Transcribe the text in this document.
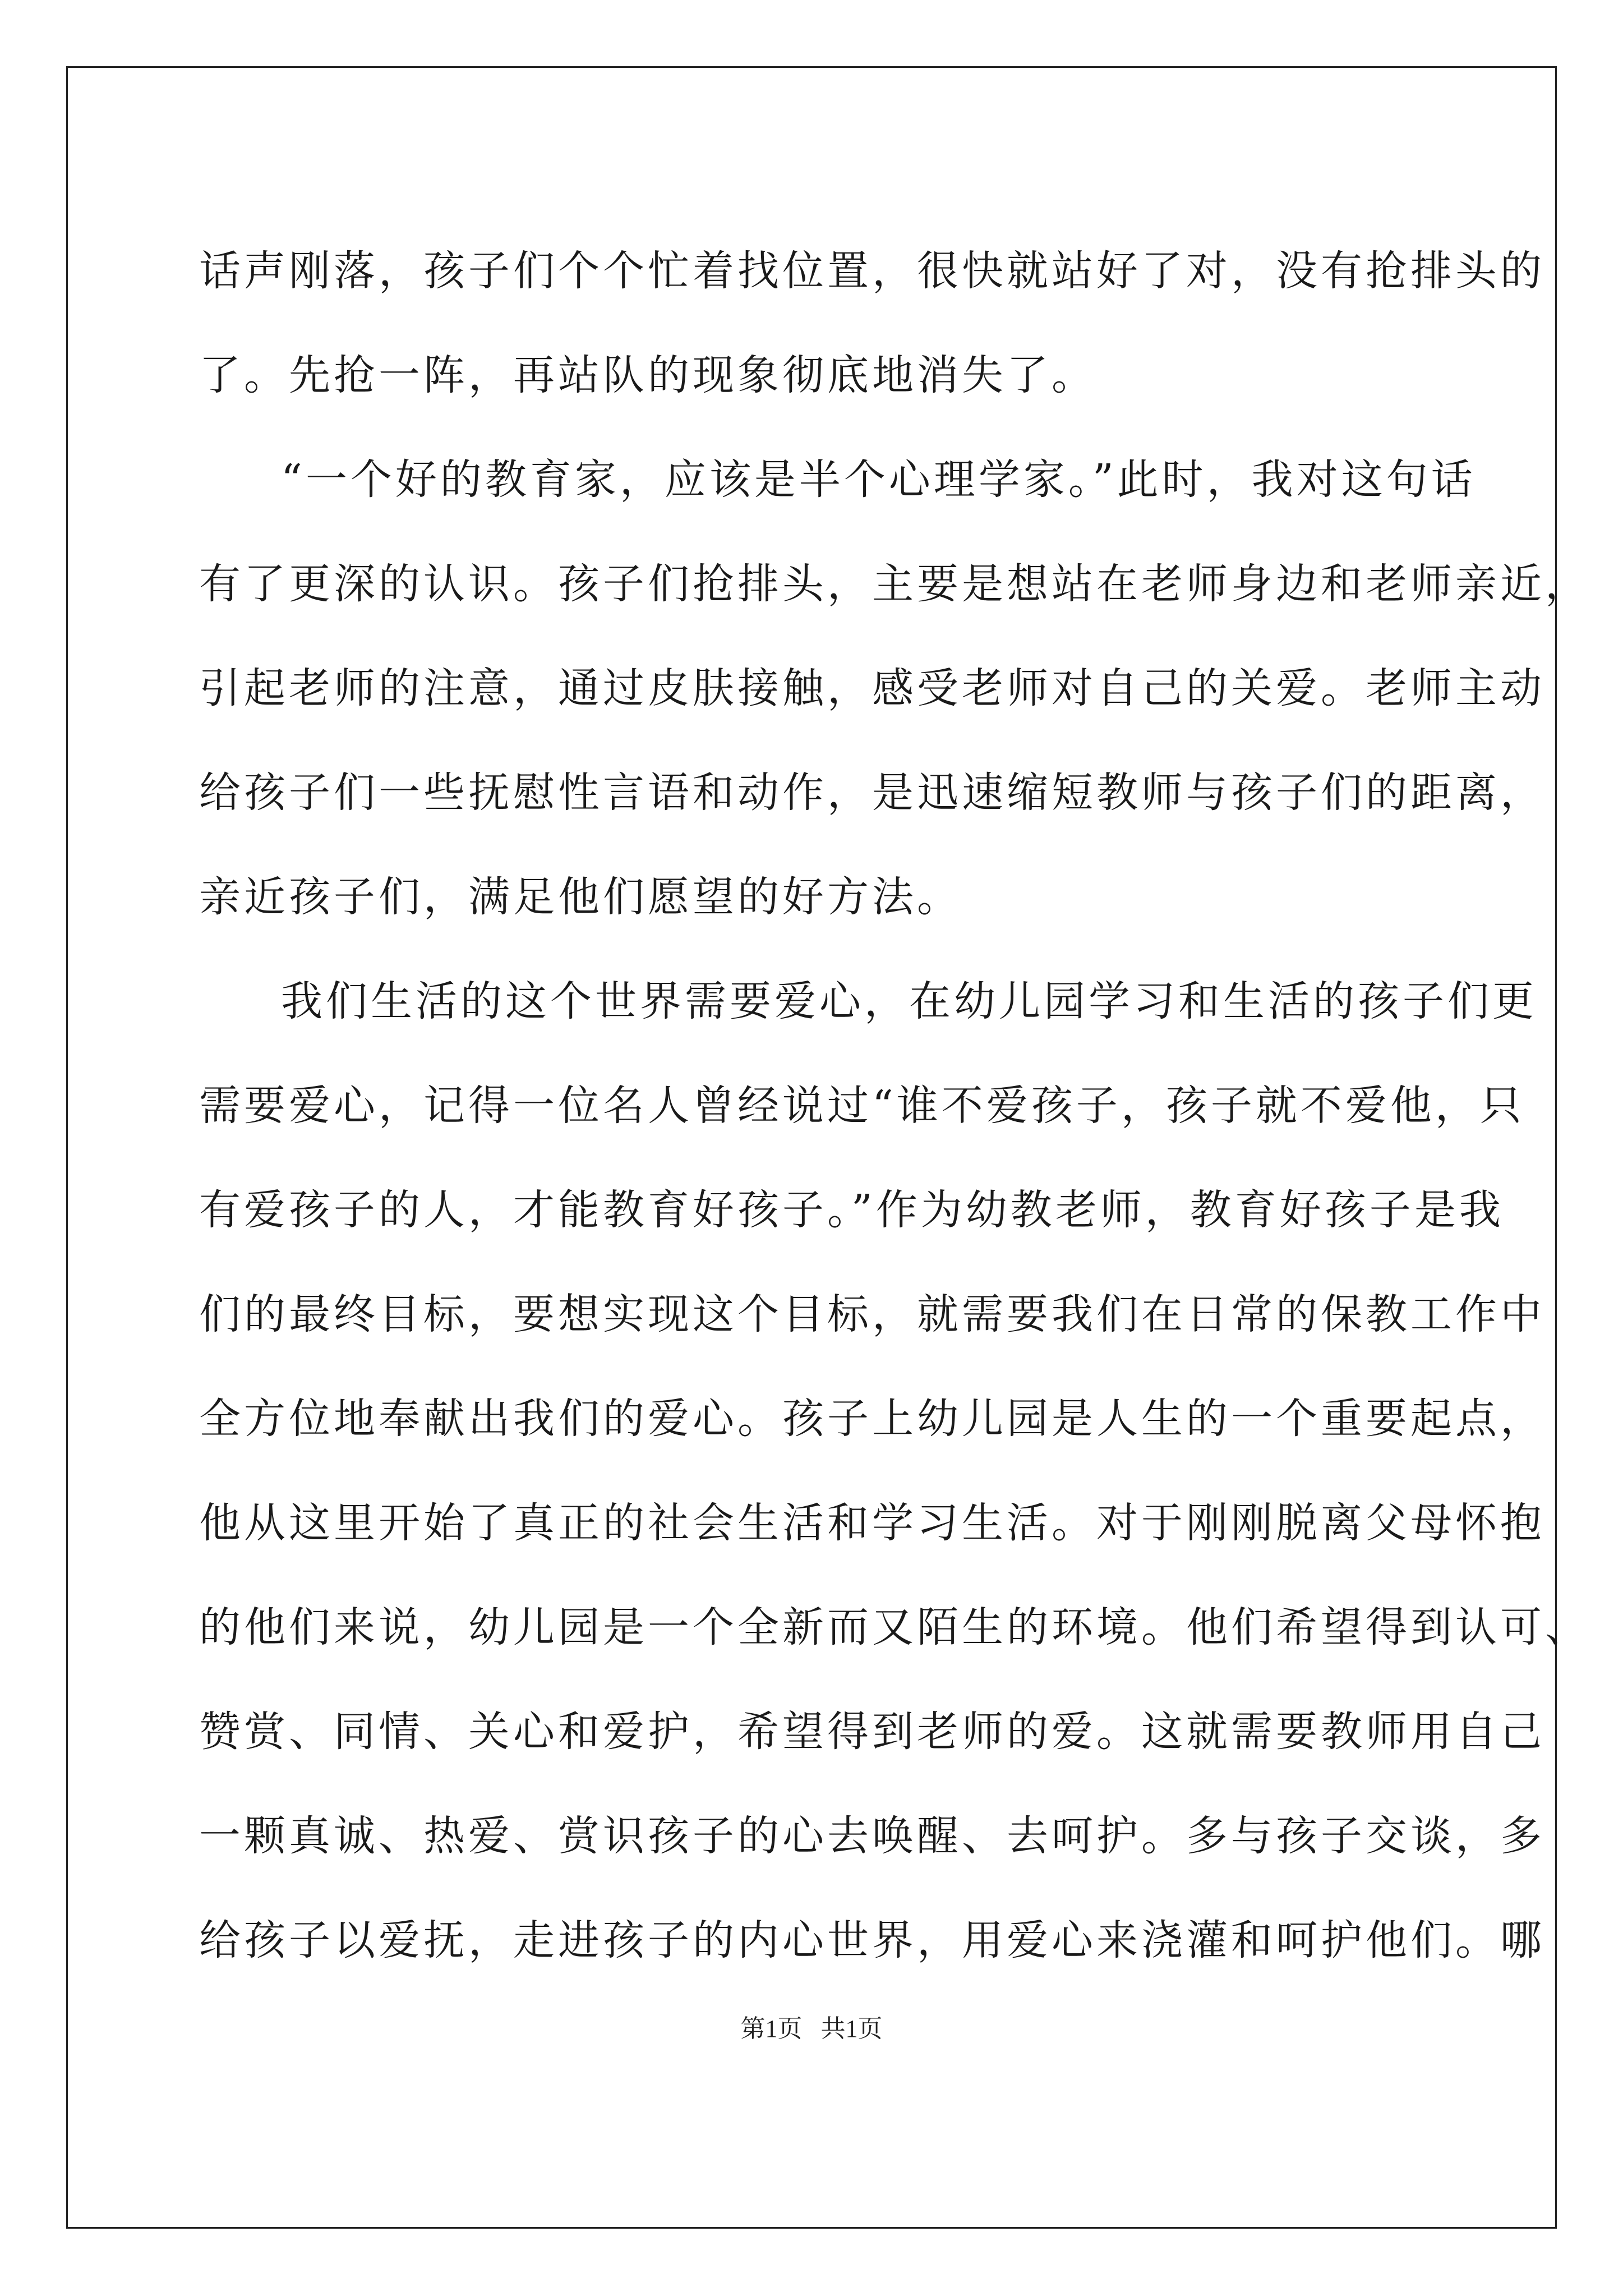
话声刚落，孩子们个个忙着找位置，很快就站好了对，没有抢排头的
了。先抢一阵，再站队的现象彻底地消失了。
“一个好的教育家，应该是半个心理学家。”此时，我对这句话
有了更深的认识。孩子们抢排头，主要是想站在老师身边和老师亲近，
引起老师的注意，通过皮肤接触，感受老师对自己的关爱。老师主动
给孩子们一些抚慰性言语和动作，是迅速缩短教师与孩子们的距离，
亲近孩子们，满足他们愿望的好方法。
我们生活的这个世界需要爱心，在幼儿园学习和生活的孩子们更
需要爱心，记得一位名人曾经说过“谁不爱孩子，孩子就不爱他，只
有爱孩子的人，才能教育好孩子。”作为幼教老师，教育好孩子是我
们的最终目标，要想实现这个目标，就需要我们在日常的保教工作中
全方位地奉献出我们的爱心。孩子上幼儿园是人生的一个重要起点，
他从这里开始了真正的社会生活和学习生活。对于刚刚脱离父母怀抱
的他们来说，幼儿园是一个全新而又陌生的环境。他们希望得到认可、
赞赏、同情、关心和爱护，希望得到老师的爱。这就需要教师用自己
一颗真诚、热爱、赏识孩子的心去唤醒、去呵护。多与孩子交谈，多
给孩子以爱抚，走进孩子的内心世界，用爱心来浇灌和呵护他们。哪
第1页   共1页
